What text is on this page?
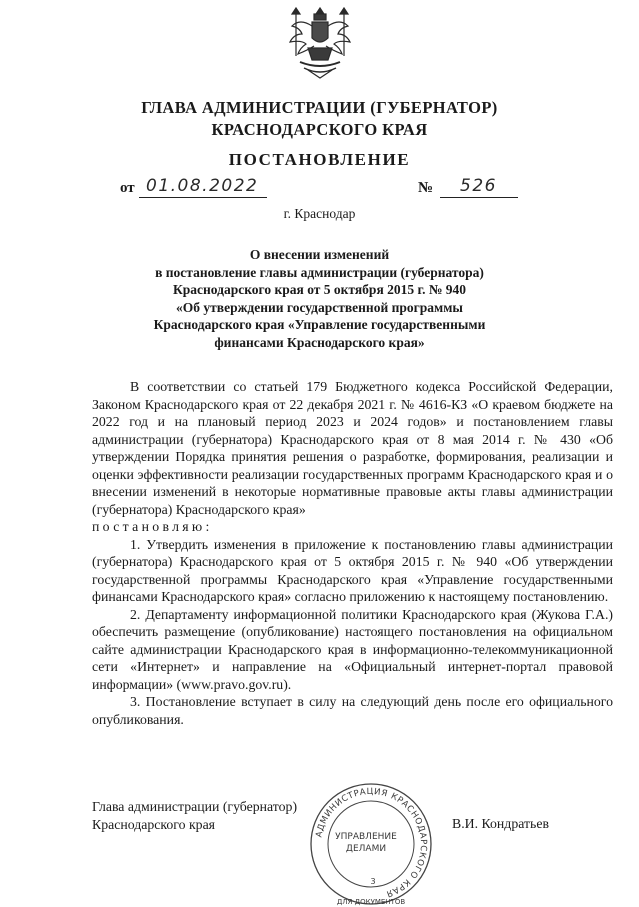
ГЛАВА АДМИНИСТРАЦИИ (ГУБЕРНАТОР)
КРАСНОДАРСКОГО КРАЯ
ПОСТАНОВЛЕНИЕ
от 01.08.2022	№ 526
г. Краснодар
О внесении изменений
в постановление главы администрации (губернатора)
Краснодарского края от 5 октября 2015 г. № 940
«Об утверждении государственной программы
Краснодарского края «Управление государственными
финансами Краснодарского края»

В соответствии со статьей 179 Бюджетного кодекса Российской Федерации, Законом Краснодарского края от 22 декабря 2021 г. № 4616-КЗ «О краевом бюджете на 2022 год и на плановый период 2023 и 2024 годов» и постановлением главы администрации (губернатора) Краснодарского края от 8 мая 2014 г. № 430 «Об утверждении Порядка принятия решения о разработке, формирования, реализации и оценки эффективности реализации государственных программ Краснодарского края и о внесении изменений в некоторые нормативные правовые акты главы администрации (губернатора) Краснодарского края»

постановляю:

1. Утвердить изменения в приложение к постановлению главы администрации (губернатора) Краснодарского края от 5 октября 2015 г. № 940 «Об утверждении государственной программы Краснодарского края «Управление государственными финансами Краснодарского края» согласно приложению к настоящему постановлению.

2. Департаменту информационной политики Краснодарского края (Жукова Г.А.) обеспечить размещение (опубликование) настоящего постановления на официальном сайте администрации Краснодарского края в информационно-телекоммуникационной сети «Интернет» и направление на «Официальный интернет-портал правовой информации» (www.pravo.gov.ru).

3. Постановление вступает в силу на следующий день после его официального опубликования.

Глава администрации (губернатор)
Краснодарского края	В.И. Кондратьев
АДМИНИСТРАЦИЯ КРАСНОДАРСКОГО КРАЯ
ДЛЯ ДОКУМЕНТОВ
УПРАВЛЕНИЕ
ДЕЛАМИ
3
